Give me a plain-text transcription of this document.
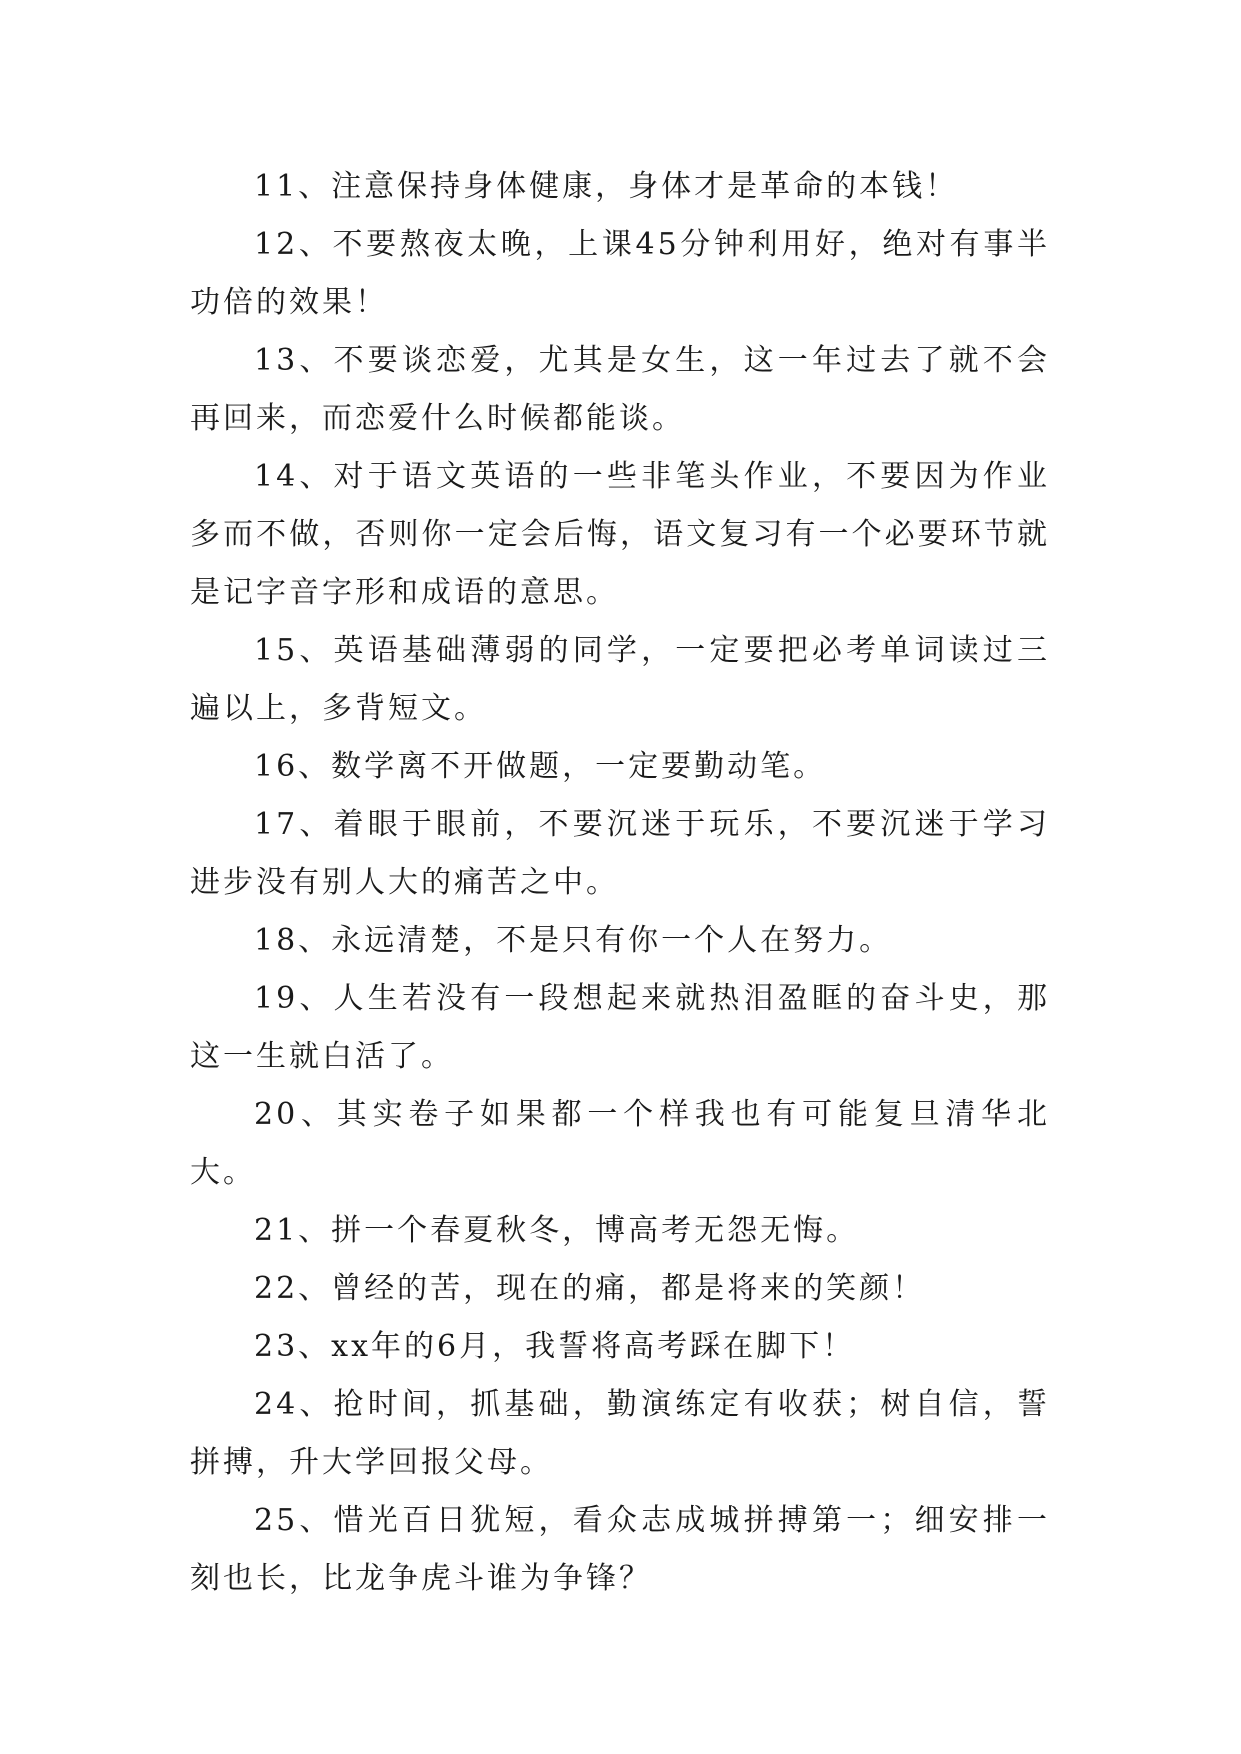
11、注意保持身体健康，身体才是革命的本钱！

12、不要熬夜太晚，上课45分钟利用好，绝对有事半功倍的效果！

13、不要谈恋爱，尤其是女生，这一年过去了就不会再回来，而恋爱什么时候都能谈。

14、对于语文英语的一些非笔头作业，不要因为作业多而不做，否则你一定会后悔，语文复习有一个必要环节就是记字音字形和成语的意思。

15、英语基础薄弱的同学，一定要把必考单词读过三遍以上，多背短文。

16、数学离不开做题，一定要勤动笔。

17、着眼于眼前，不要沉迷于玩乐，不要沉迷于学习进步没有别人大的痛苦之中。

18、永远清楚，不是只有你一个人在努力。

19、人生若没有一段想起来就热泪盈眶的奋斗史，那这一生就白活了。

20、其实卷子如果都一个样我也有可能复旦清华北大。

21、拼一个春夏秋冬，博高考无怨无悔。

22、曾经的苦，现在的痛，都是将来的笑颜！

23、xx年的6月，我誓将高考踩在脚下！

24、抢时间，抓基础，勤演练定有收获；树自信，誓拼搏，升大学回报父母。

25、惜光百日犹短，看众志成城拼搏第一；细安排一刻也长，比龙争虎斗谁为争锋？
